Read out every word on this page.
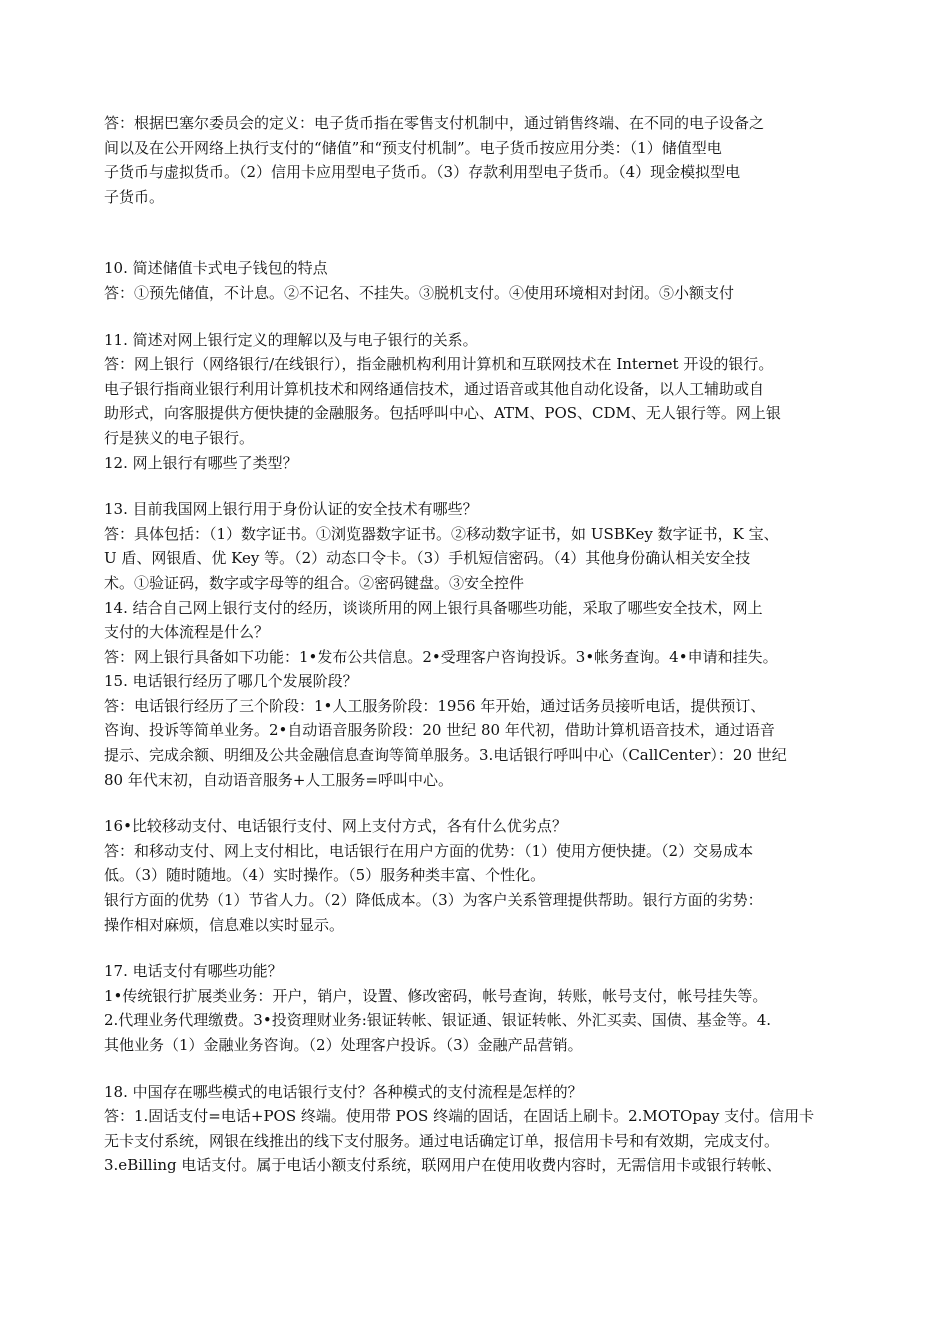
答：根据巴塞尔委员会的定义：电子货币指在零售支付机制中，通过销售终端、在不同的电子设备之
间以及在公开网络上执行支付的“储值”和“预支付机制”。电子货币按应用分类：（1）储值型电
子货币与虚拟货币。（2）信用卡应用型电子货币。（3）存款利用型电子货币。（4）现金模拟型电
子货币。
10. 简述储值卡式电子钱包的特点
答：①预先储值，不计息。②不记名、不挂失。③脱机支付。④使用环境相对封闭。⑤小额支付
11. 简述对网上银行定义的理解以及与电子银行的关系。
答：网上银行（网络银行/在线银行），指金融机构利用计算机和互联网技术在 Internet 开设的银行。
电子银行指商业银行利用计算机技术和网络通信技术，通过语音或其他自动化设备，以人工辅助或自
助形式，向客服提供方便快捷的金融服务。包括呼叫中心、ATM、POS、CDM、无人银行等。网上银
行是狭义的电子银行。
12. 网上银行有哪些了类型？
13. 目前我国网上银行用于身份认证的安全技术有哪些？
答：具体包括：（1）数字证书。①浏览器数字证书。②移动数字证书，如 USBKey 数字证书，K 宝、
U 盾、网银盾、优 Key 等。（2）动态口令卡。（3）手机短信密码。（4）其他身份确认相关安全技
术。①验证码，数字或字母等的组合。②密码键盘。③安全控件
14. 结合自己网上银行支付的经历，谈谈所用的网上银行具备哪些功能，采取了哪些安全技术，网上
支付的大体流程是什么？
答：网上银行具备如下功能：1•发布公共信息。2•受理客户咨询投诉。3•帐务查询。4•申请和挂失。
15. 电话银行经历了哪几个发展阶段？
答：电话银行经历了三个阶段：1•人工服务阶段：1956 年开始，通过话务员接听电话，提供预订、
咨询、投诉等简单业务。2•自动语音服务阶段：20 世纪 80 年代初，借助计算机语音技术，通过语音
提示、完成余额、明细及公共金融信息查询等简单服务。3.电话银行呼叫中心（CallCenter）：20 世纪
80 年代末初，自动语音服务+人工服务=呼叫中心。
16•比较移动支付、电话银行支付、网上支付方式，各有什么优劣点？
答：和移动支付、网上支付相比，电话银行在用户方面的优势：（1）使用方便快捷。（2）交易成本
低。（3）随时随地。（4）实时操作。（5）服务种类丰富、个性化。
银行方面的优势（1）节省人力。（2）降低成本。（3）为客户关系管理提供帮助。银行方面的劣势：
操作相对麻烦，信息难以实时显示。
17. 电话支付有哪些功能？
1•传统银行扩展类业务：开户，销户，设置、修改密码，帐号查询，转账，帐号支付，帐号挂失等。
2.代理业务代理缴费。3•投资理财业务:银证转帐、银证通、银证转帐、外汇买卖、国债、基金等。4.
其他业务（1）金融业务咨询。（2）处理客户投诉。（3）金融产品营销。
18. 中国存在哪些模式的电话银行支付？各种模式的支付流程是怎样的？
答：1.固话支付=电话+POS 终端。使用带 POS 终端的固话，在固话上刷卡。2.MOTOpay 支付。信用卡
无卡支付系统，网银在线推出的线下支付服务。通过电话确定订单，报信用卡号和有效期，完成支付。
3.eBilling 电话支付。属于电话小额支付系统，联网用户在使用收费内容时，无需信用卡或银行转帐、
